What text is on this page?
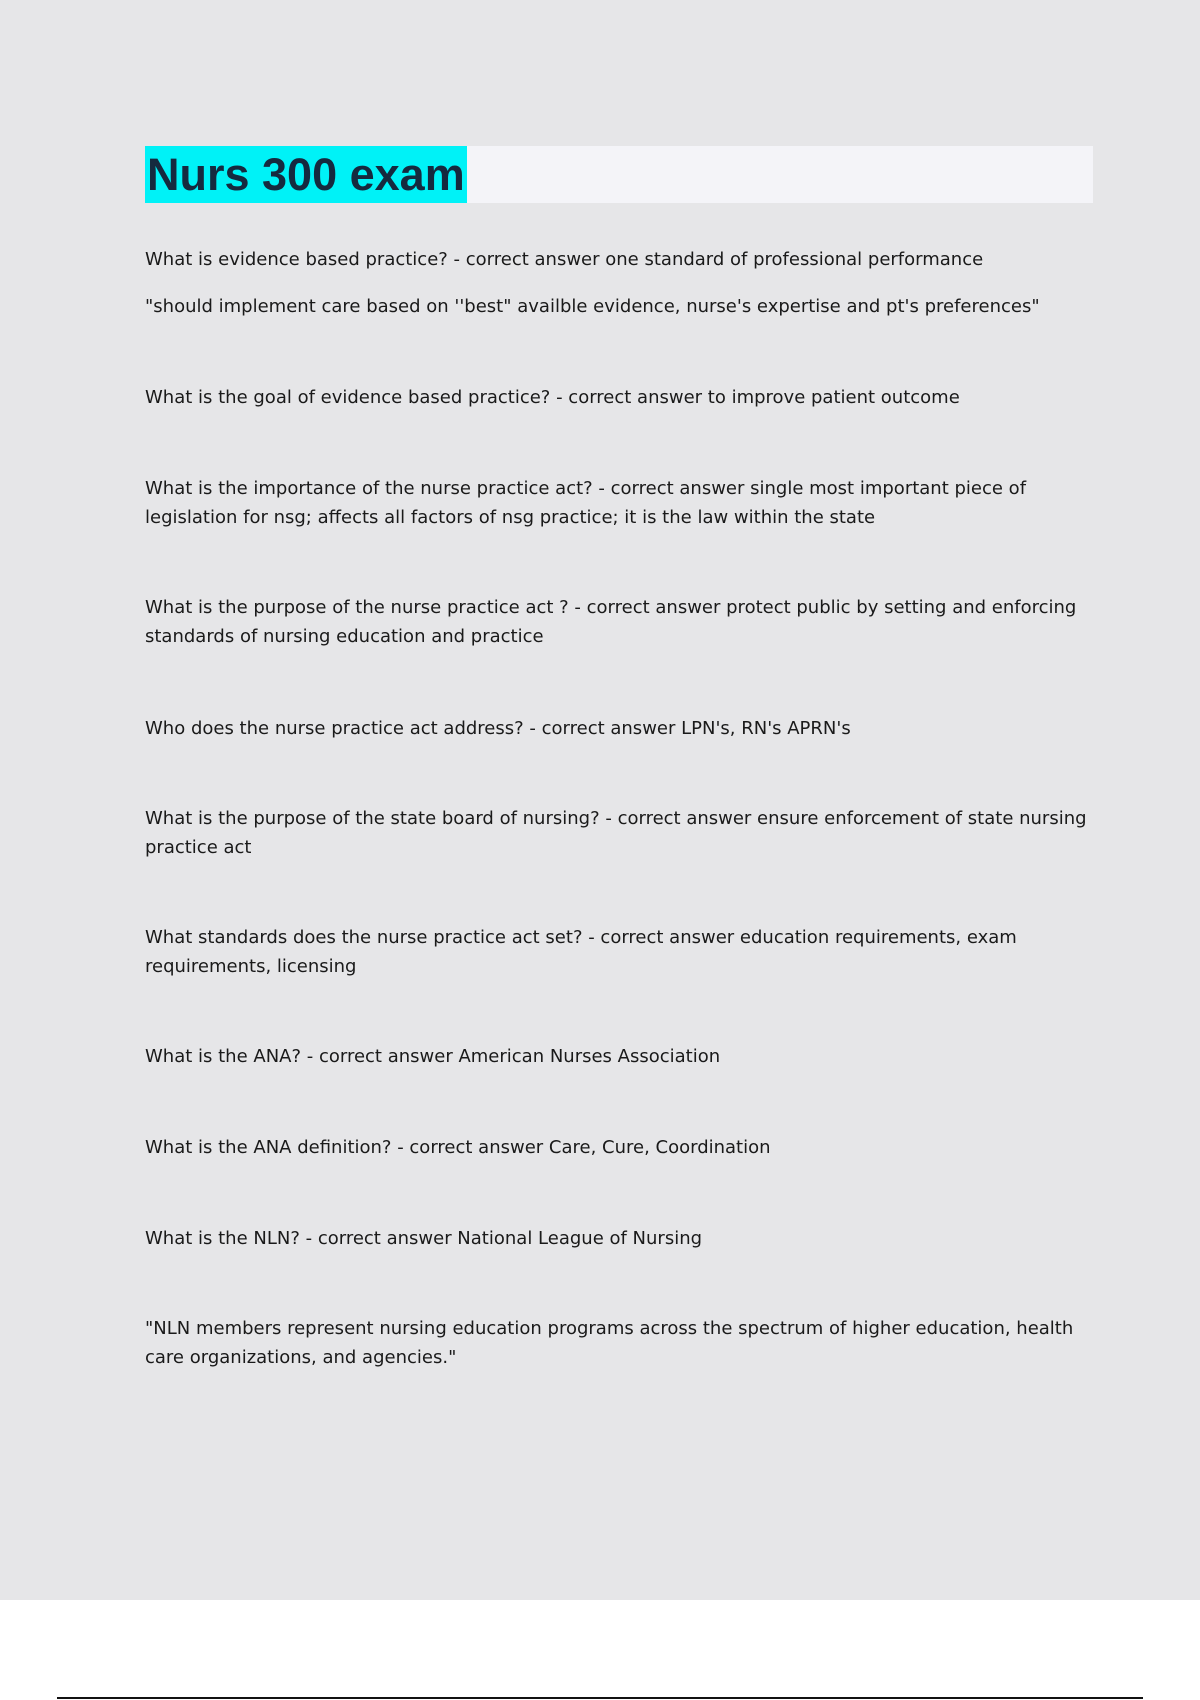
Nurs 300 exam

What is evidence based practice? - correct answer one standard of professional performance

"should implement care based on ''best" availble evidence, nurse's expertise and pt's preferences"

What is the goal of evidence based practice? - correct answer to improve patient outcome

What is the importance of the nurse practice act? - correct answer single most important piece of legislation for nsg; affects all factors of nsg practice; it is the law within the state

What is the purpose of the nurse practice act ? - correct answer protect public by setting and enforcing standards of nursing education and practice

Who does the nurse practice act address? - correct answer LPN's, RN's APRN's

What is the purpose of the state board of nursing? - correct answer ensure enforcement of state nursing practice act

What standards does the nurse practice act set? - correct answer education requirements, exam requirements, licensing

What is the ANA? - correct answer American Nurses Association

What is the ANA definition? - correct answer Care, Cure, Coordination

What is the NLN? - correct answer National League of Nursing

"NLN members represent nursing education programs across the spectrum of higher education, health care organizations, and agencies."
